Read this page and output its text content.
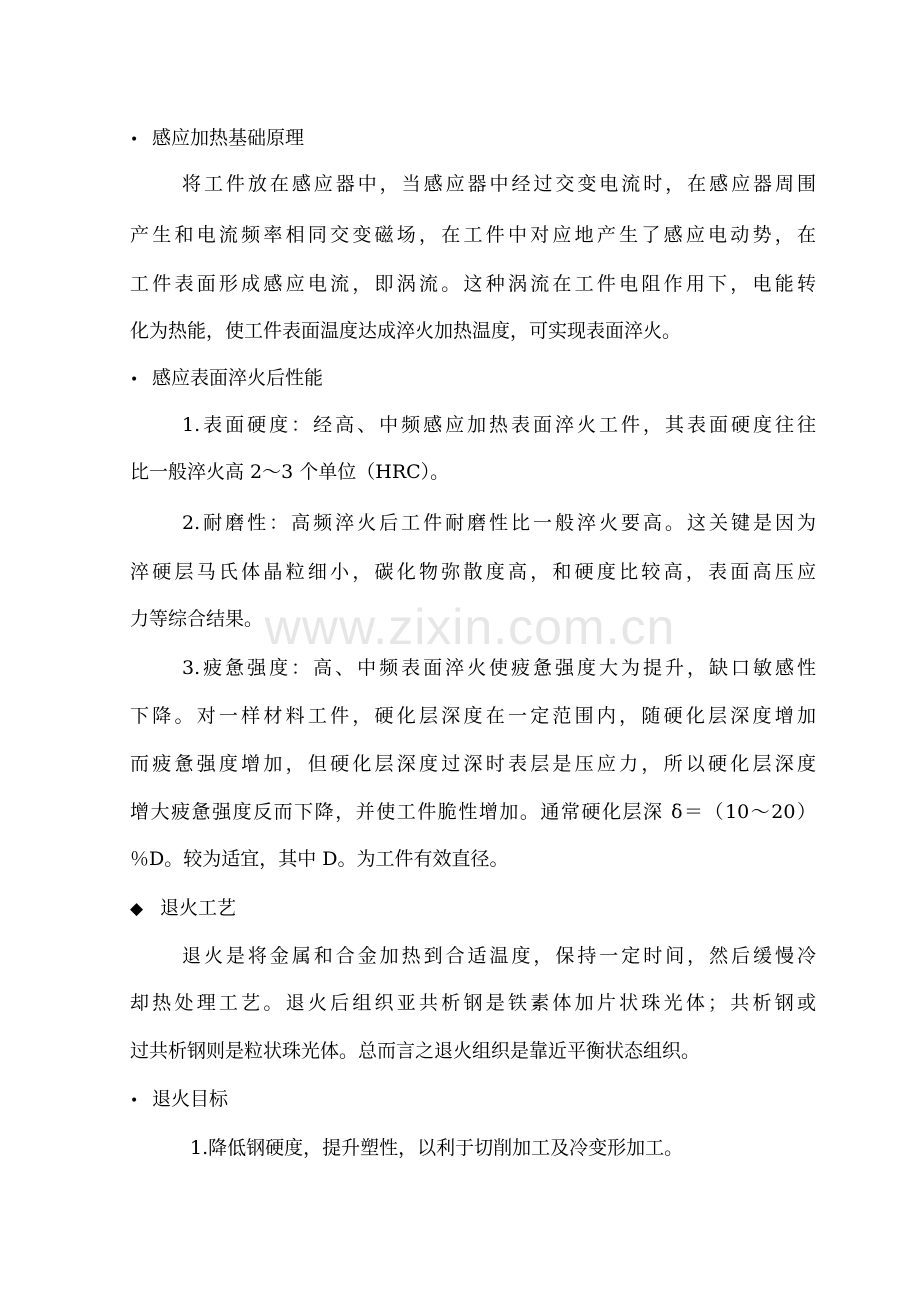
www.zixin.com.cn
• 感应加热基础原理
将工件放在感应器中，当感应器中经过交变电流时，在感应器周围
产生和电流频率相同交变磁场，在工件中对应地产生了感应电动势，在
工件表面形成感应电流，即涡流。这种涡流在工件电阻作用下，电能转
化为热能，使工件表面温度达成淬火加热温度，可实现表面淬火。
• 感应表面淬火后性能
1.表面硬度：经高、中频感应加热表面淬火工件，其表面硬度往往
比一般淬火高 2～3 个单位（HRC）。
2.耐磨性：高频淬火后工件耐磨性比一般淬火要高。这关键是因为
淬硬层马氏体晶粒细小，碳化物弥散度高，和硬度比较高，表面高压应
力等综合结果。
3.疲惫强度：高、中频表面淬火使疲惫强度大为提升，缺口敏感性
下降。对一样材料工件，硬化层深度在一定范围内，随硬化层深度增加
而疲惫强度增加，但硬化层深度过深时表层是压应力，所以硬化层深度
增大疲惫强度反而下降，并使工件脆性增加。通常硬化层深 δ＝（10～20）
％D。较为适宜，其中 D。为工件有效直径。
◆ 退火工艺
退火是将金属和合金加热到合适温度，保持一定时间，然后缓慢冷
却热处理工艺。退火后组织亚共析钢是铁素体加片状珠光体；共析钢或
过共析钢则是粒状珠光体。总而言之退火组织是靠近平衡状态组织。
• 退火目标
1.降低钢硬度，提升塑性，以利于切削加工及冷变形加工。
